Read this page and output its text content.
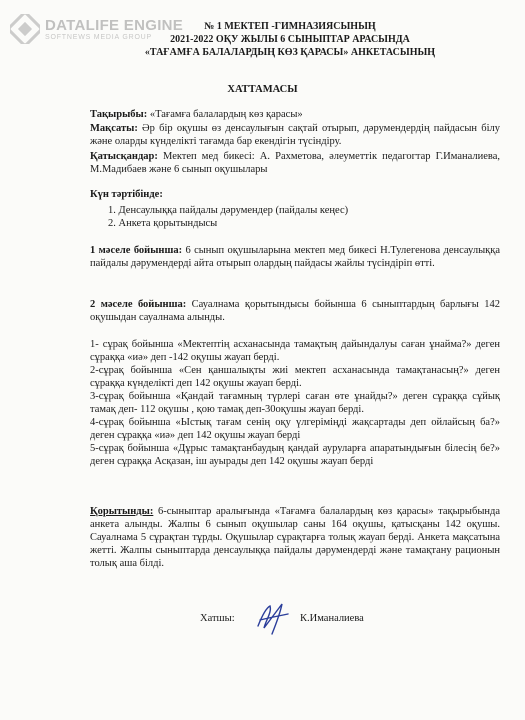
DATALIFE ENGINE
SOFTNEWS MEDIA GROUP
№ 1 МЕКТЕП -ГИМНАЗИЯСЫНЫҢ
2021-2022 ОҚУ ЖЫЛЫ 6 СЫНЫПТАР АРАСЫНДА
«ТАҒАМҒА БАЛАЛАРДЫҢ КӨЗ ҚАРАСЫ» АНКЕТАСЫНЫҢ
ХАТТАМАСЫ
Тақырыбы: «Тағамға балалардың көз қарасы»
Мақсаты: Әр бір оқушы өз денсаулығын сақтай отырып, дәрумендердің пайдасын білу және оларды күнделікті тағамда бар екендігін түсіндіру.
Қатысқандар: Мектеп мед бикесі: А. Рахметова, әлеуметтік педагогтар Г.Иманалиева, М.Мадибаев және 6 сынып оқушылары
Күн тәртібінде:
1. Денсаулыққа пайдалы дәрумендер (пайдалы кеңес)
2. Анкета қорытындысы
1 мәселе бойынша: 6 сынып оқушыларына мектеп мед бикесі Н.Тулегенова денсаулыққа пайдалы дәрумендерді айта отырып олардың пайдасы жайлы түсіндіріп өтті.
2 мәселе бойынша: Сауалнама қорытындысы бойынша 6 сыныптардың барлығы 142 оқушыдан сауалнама алынды.
1- сұрақ бойынша «Мектептің асханасында тамақтың дайындалуы саған ұнайма?» деген сұраққа «иә» деп -142 оқушы жауап берді.
2-сұрақ бойынша «Сен қаншалықты жиі мектеп асханасында тамақтанасың?» деген сұраққа күнделікті деп 142 оқушы жауап берді.
3-сұрақ бойынша «Қандай тағамның түрлері саған өте ұнайды?» деген сұраққа сұйық тамақ деп- 112 оқушы , қою тамақ деп-30оқушы жауап берді.
4-сұрақ бойынша «Ыстық тағам сенің оқу үлгеріміңді жақсартады деп ойлайсың ба?» деген сұраққа «иә» деп 142 оқушы жауап берді
5-сұрақ бойынша «Дұрыс тамақтанбаудың қандай ауруларға апаратындығын білесің бе?» деген сұраққа Асқазан, іш ауырады деп 142 оқушы жауап берді
Қорытынды: 6-сыныптар аралығында «Тағамға балалардың көз қарасы» тақырыбында анкета алынды. Жалпы 6 сынып оқушылар саны 164 оқушы, қатысқаны 142 оқушы. Сауалнама 5 сұрақтан тұрды. Оқушылар сұрақтарға толық жауап берді. Анкета мақсатына жетті. Жалпы сыныптарда денсаулыққа пайдалы дәрумендерді және тамақтану рационын толық аша білді.
Хатшы:	К.Иманалиева
